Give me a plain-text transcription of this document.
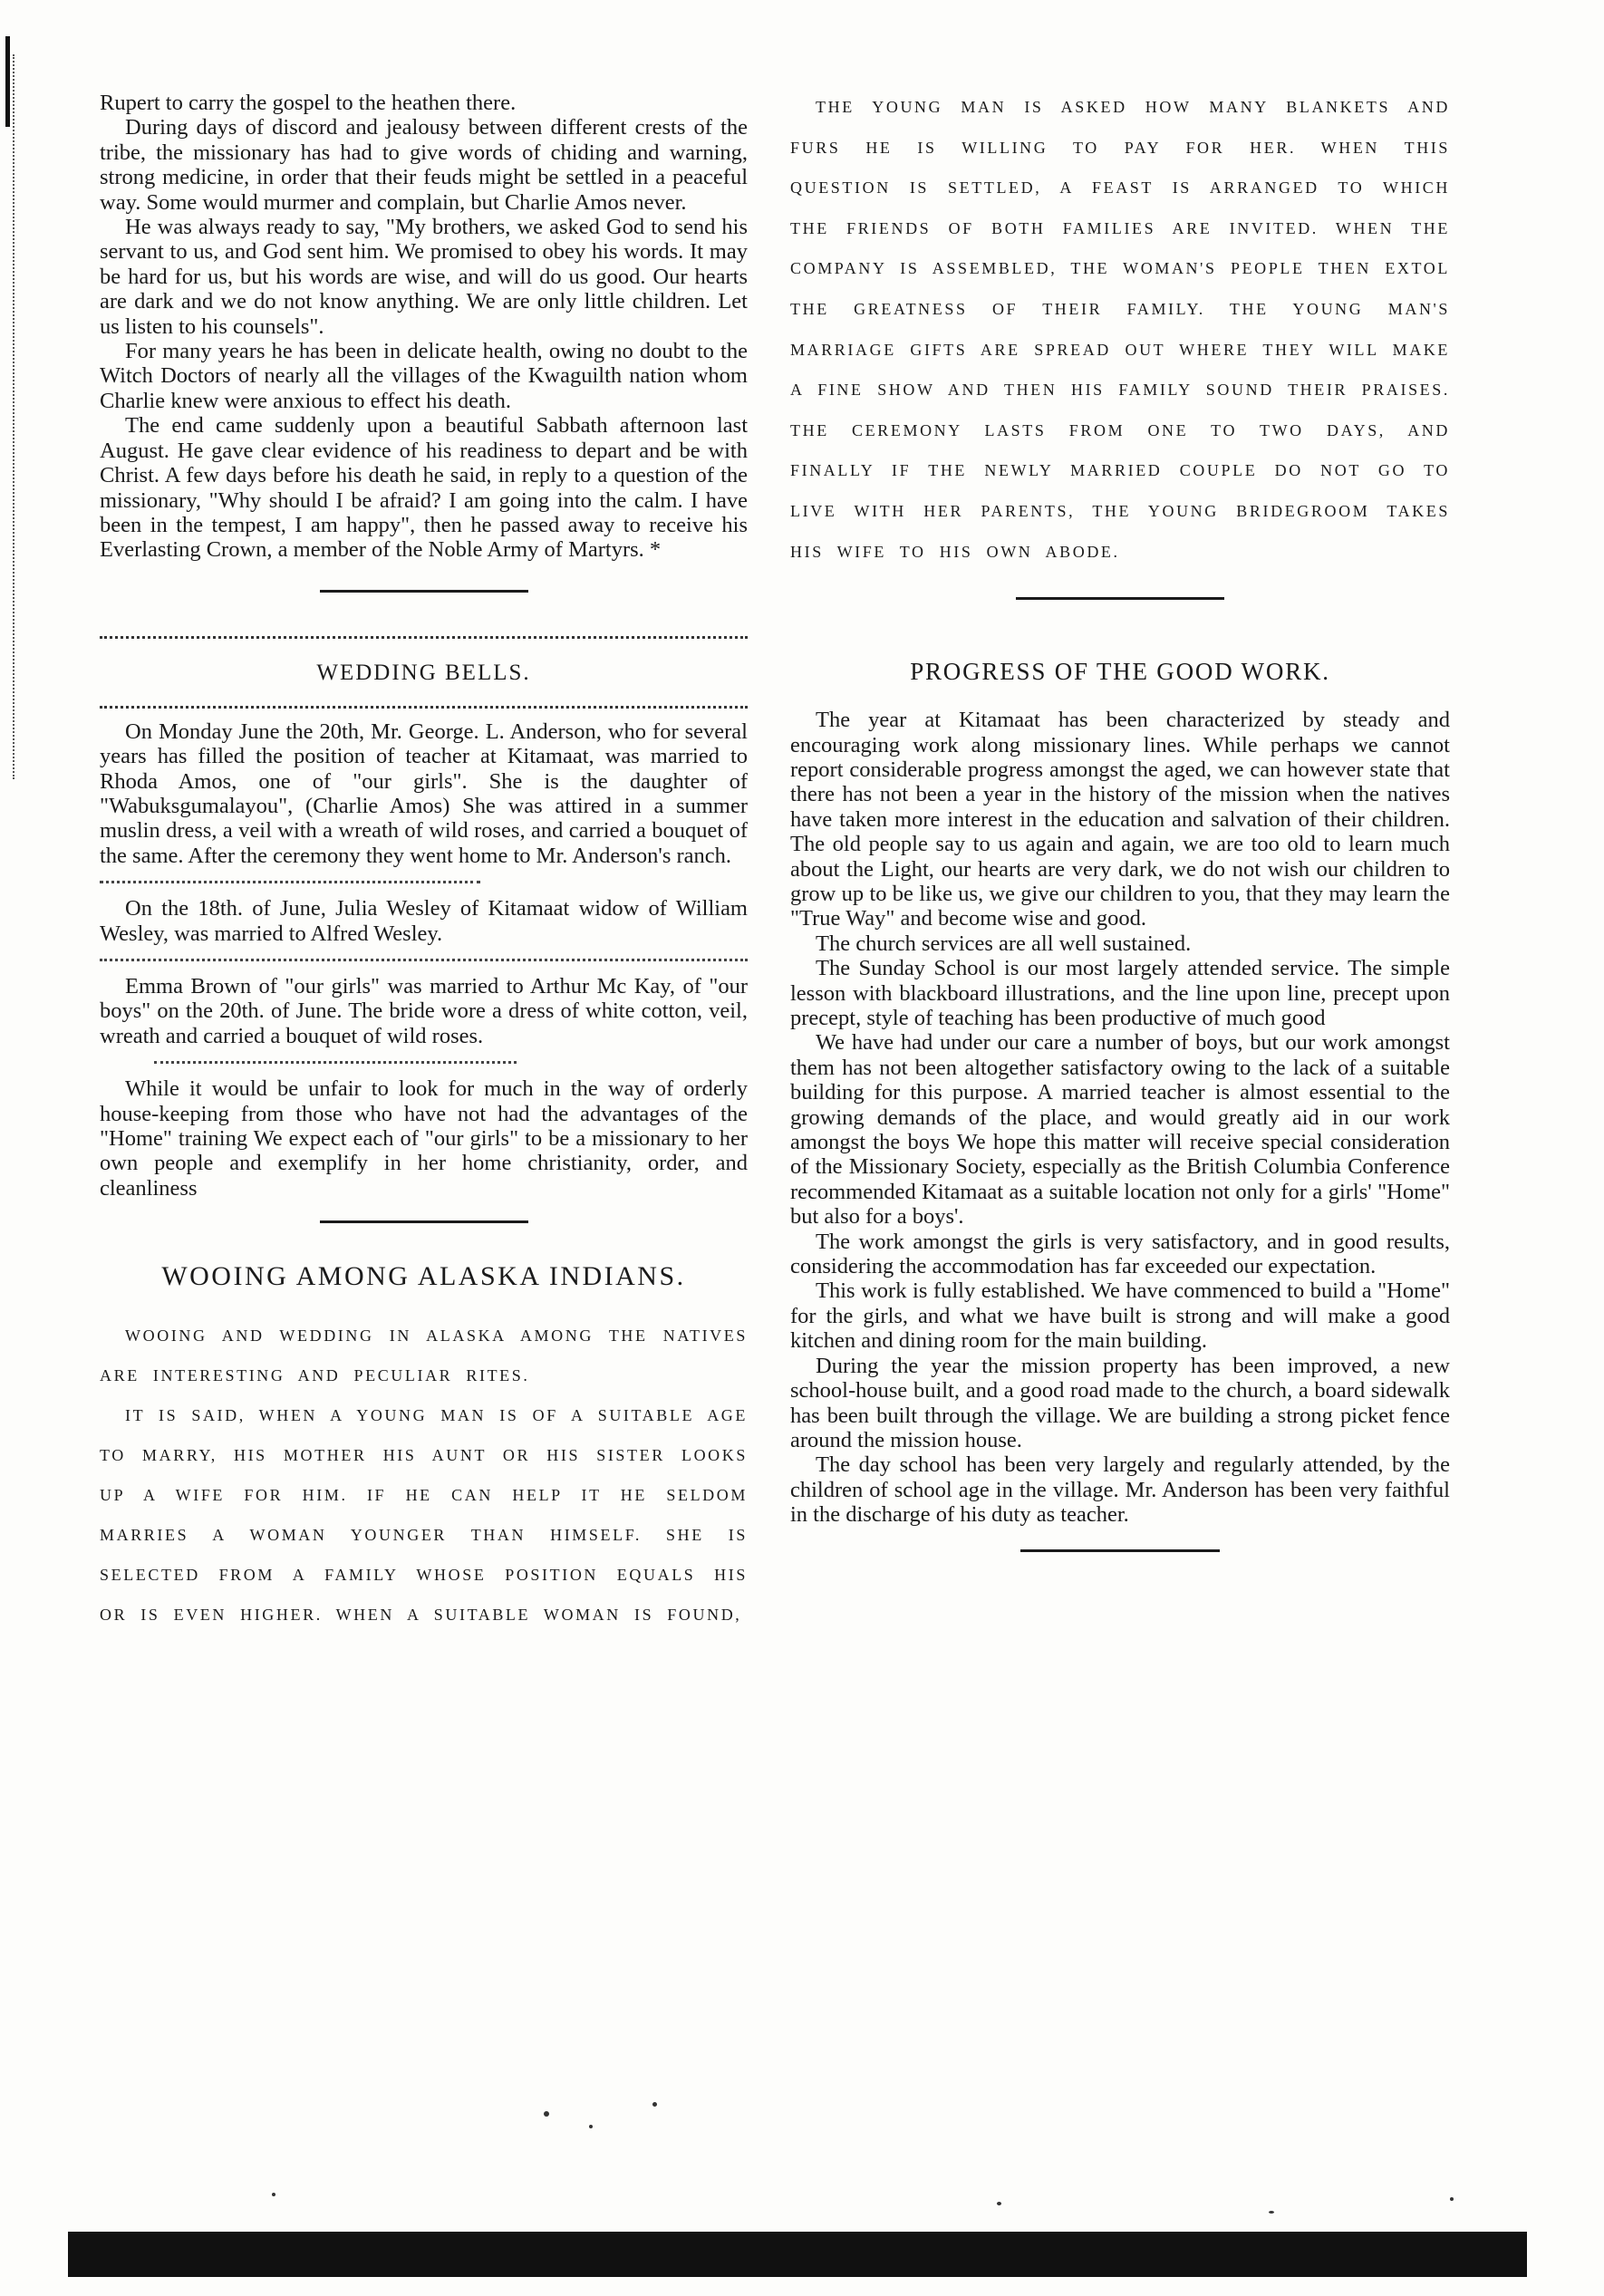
Rupert to carry the gospel to the heathen there.

During days of discord and jealousy between different crests of the tribe, the missionary has had to give words of chiding and warning, strong medicine, in order that their feuds might be settled in a peaceful way. Some would murmer and complain, but Charlie Amos never.

He was always ready to say, "My brothers, we asked God to send his servant to us, and God sent him. We promised to obey his words. It may be hard for us, but his words are wise, and will do us good. Our hearts are dark and we do not know anything. We are only little children. Let us listen to his counsels".

For many years he has been in delicate health, owing no doubt to the Witch Doctors of nearly all the villages of the Kwaguilth nation whom Charlie knew were anxious to effect his death.

The end came suddenly upon a beautiful Sabbath afternoon last August. He gave clear evidence of his readiness to depart and be with Christ. A few days before his death he said, in reply to a question of the missionary, "Why should I be afraid? I am going into the calm. I have been in the tempest, I am happy", then he passed away to receive his Everlasting Crown, a member of the Noble Army of Martyrs. *

WEDDING BELLS.

On Monday June the 20th, Mr. George. L. Anderson, who for several years has filled the position of teacher at Kitamaat, was married to Rhoda Amos, one of "our girls". She is the daughter of "Wabuksgumalayou", (Charlie Amos) She was attired in a summer muslin dress, a veil with a wreath of wild roses, and carried a bouquet of the same. After the ceremony they went home to Mr. Anderson's ranch.

On the 18th. of June, Julia Wesley of Kitamaat widow of William Wesley, was married to Alfred Wesley.

Emma Brown of "our girls" was married to Arthur Mc Kay, of "our boys" on the 20th. of June. The bride wore a dress of white cotton, veil, wreath and carried a bouquet of wild roses.

While it would be unfair to look for much in the way of orderly house-keeping from those who have not had the advantages of the "Home" training We expect each of "our girls" to be a missionary to her own people and exemplify in her home christianity, order, and cleanliness

WOOING AMONG ALASKA INDIANS.

WOOING AND WEDDING IN ALASKA AMONG THE NATIVES ARE INTERESTING AND PECULIAR RITES.

IT IS SAID, WHEN A YOUNG MAN IS OF A SUITABLE AGE TO MARRY, HIS MOTHER HIS AUNT OR HIS SISTER LOOKS UP A WIFE FOR HIM. IF HE CAN HELP IT HE SELDOM MARRIES A WOMAN YOUNGER THAN HIMSELF. SHE IS SELECTED FROM A FAMILY WHOSE POSITION EQUALS HIS OR IS EVEN HIGHER. WHEN A SUITABLE WOMAN IS FOUND,

THE YOUNG MAN IS ASKED HOW MANY BLANKETS AND FURS HE IS WILLING TO PAY FOR HER. WHEN THIS QUESTION IS SETTLED, A FEAST IS ARRANGED TO WHICH THE FRIENDS OF BOTH FAMILIES ARE INVITED. WHEN THE COMPANY IS ASSEMBLED, THE WOMAN'S PEOPLE THEN EXTOL THE GREATNESS OF THEIR FAMILY. THE YOUNG MAN'S MARRIAGE GIFTS ARE SPREAD OUT WHERE THEY WILL MAKE A FINE SHOW AND THEN HIS FAMILY SOUND THEIR PRAISES. THE CEREMONY LASTS FROM ONE TO TWO DAYS, AND FINALLY IF THE NEWLY MARRIED COUPLE DO NOT GO TO LIVE WITH HER PARENTS, THE YOUNG BRIDEGROOM TAKES HIS WIFE TO HIS OWN ABODE.

PROGRESS OF THE GOOD WORK.

The year at Kitamaat has been characterized by steady and encouraging work along missionary lines. While perhaps we cannot report considerable progress amongst the aged, we can however state that there has not been a year in the history of the mission when the natives have taken more interest in the education and salvation of their children. The old people say to us again and again, we are too old to learn much about the Light, our hearts are very dark, we do not wish our children to grow up to be like us, we give our children to you, that they may learn the "True Way" and become wise and good.

The church services are all well sustained.

The Sunday School is our most largely attended service. The simple lesson with blackboard illustrations, and the line upon line, precept upon precept, style of teaching has been productive of much good

We have had under our care a number of boys, but our work amongst them has not been altogether satisfactory owing to the lack of a suitable building for this purpose. A married teacher is almost essential to the growing demands of the place, and would greatly aid in our work amongst the boys We hope this matter will receive special consideration of the Missionary Society, especially as the British Columbia Conference recommended Kitamaat as a suitable location not only for a girls' "Home" but also for a boys'.

The work amongst the girls is very satisfactory, and in good results, considering the accommodation has far exceeded our expectation.

This work is fully established. We have commenced to build a "Home" for the girls, and what we have built is strong and will make a good kitchen and dining room for the main building.

During the year the mission property has been improved, a new school-house built, and a good road made to the church, a board sidewalk has been built through the village. We are building a strong picket fence around the mission house.

The day school has been very largely and regularly attended, by the children of school age in the village. Mr. Anderson has been very faithful in the discharge of his duty as teacher.
